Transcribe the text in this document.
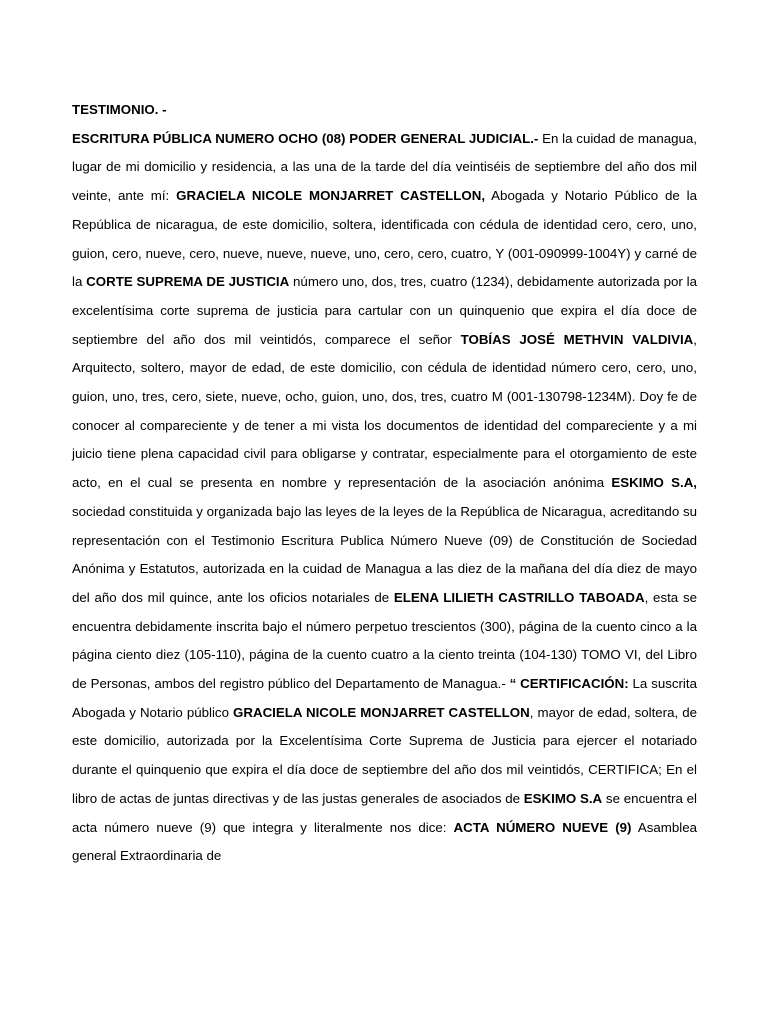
TESTIMONIO. -

ESCRITURA PÚBLICA NUMERO OCHO (08) PODER GENERAL JUDICIAL.- En la cuidad de managua, lugar de mi domicilio y residencia, a las una de la tarde del día veintiséis de septiembre del año dos mil veinte, ante mí: GRACIELA NICOLE MONJARRET CASTELLON, Abogada y Notario Público de la República de nicaragua, de este domicilio, soltera, identificada con cédula de identidad cero, cero, uno, guion, cero, nueve, cero, nueve, nueve, nueve, uno, cero, cero, cuatro, Y (001-090999-1004Y) y carné de la CORTE SUPREMA DE JUSTICIA número uno, dos, tres, cuatro (1234), debidamente autorizada por la excelentísima corte suprema de justicia para cartular con un quinquenio que expira el día doce de septiembre del año dos mil veintidós, comparece el señor TOBÍAS JOSÉ METHVIN VALDIVIA, Arquitecto, soltero, mayor de edad, de este domicilio, con cédula de identidad número cero, cero, uno, guion, uno, tres, cero, siete, nueve, ocho, guion, uno, dos, tres, cuatro M (001-130798-1234M). Doy fe de conocer al compareciente y de tener a mi vista los documentos de identidad del compareciente y a mi juicio tiene plena capacidad civil para obligarse y contratar, especialmente para el otorgamiento de este acto, en el cual se presenta en nombre y representación de la asociación anónima ESKIMO S.A, sociedad constituida y organizada bajo las leyes de la leyes de la República de Nicaragua, acreditando su representación con el Testimonio Escritura Publica Número Nueve (09) de Constitución de Sociedad Anónima y Estatutos, autorizada en la cuidad de Managua a las diez de la mañana del día diez de mayo del año dos mil quince, ante los oficios notariales de ELENA LILIETH CASTRILLO TABOADA, esta se encuentra debidamente inscrita bajo el número perpetuo trescientos (300), página de la cuento cinco a la página ciento diez (105-110), página de la cuento cuatro a la ciento treinta (104-130) TOMO VI, del Libro de Personas, ambos del registro público del Departamento de Managua.- “ CERTIFICACIÓN: La suscrita Abogada y Notario público GRACIELA NICOLE MONJARRET CASTELLON, mayor de edad, soltera, de este domicilio, autorizada por la Excelentísima Corte Suprema de Justicia para ejercer el notariado durante el quinquenio que expira el día doce de septiembre del año dos mil veintidós, CERTIFICA; En el libro de actas de juntas directivas y de las justas generales de asociados de ESKIMO S.A se encuentra el acta número nueve (9) que integra y literalmente nos dice: ACTA NÚMERO NUEVE (9) Asamblea general Extraordinaria de
